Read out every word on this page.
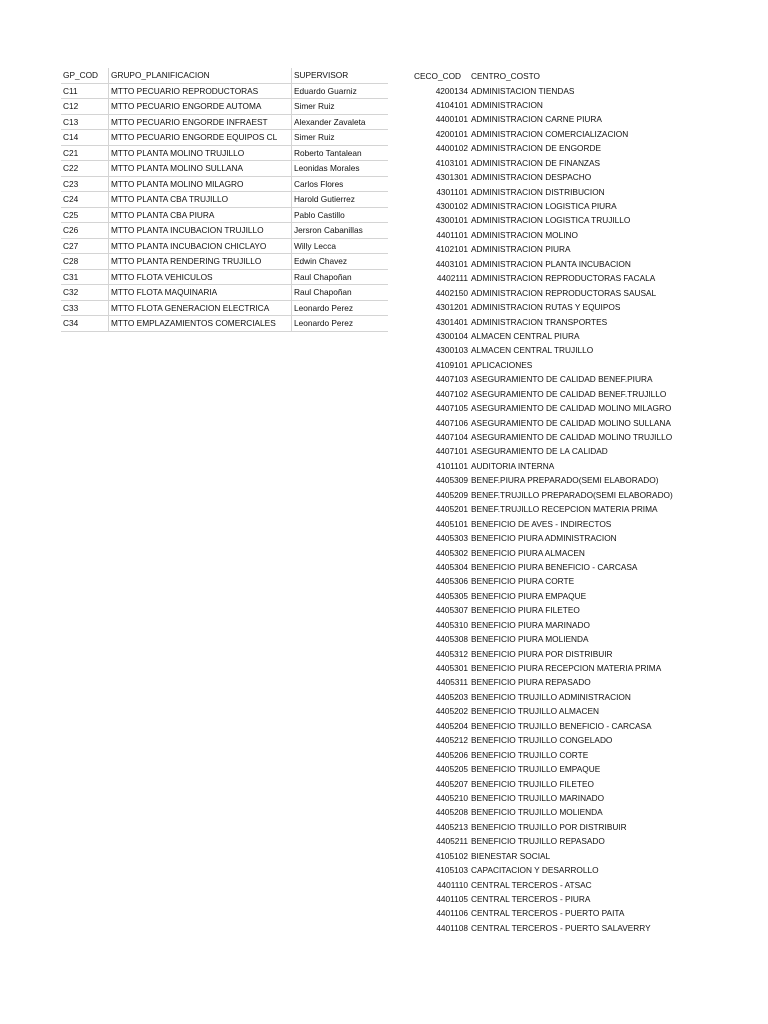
GP_COD	GRUPO_PLANIFICACION	SUPERVISOR
C11	MTTO PECUARIO REPRODUCTORAS	Eduardo Guarniz
C12	MTTO PECUARIO ENGORDE AUTOMA	Simer Ruiz
C13	MTTO PECUARIO ENGORDE INFRAEST	Alexander Zavaleta
C14	MTTO PECUARIO ENGORDE EQUIPOS CL	Simer Ruiz
C21	MTTO PLANTA MOLINO TRUJILLO	Roberto Tantalean
C22	MTTO PLANTA MOLINO SULLANA	Leonidas Morales
C23	MTTO PLANTA MOLINO MILAGRO	Carlos Flores
C24	MTTO PLANTA CBA TRUJILLO	Harold Gutierrez
C25	MTTO PLANTA CBA PIURA	Pablo Castillo
C26	MTTO PLANTA INCUBACION TRUJILLO	Jersron Cabanillas
C27	MTTO PLANTA INCUBACION CHICLAYO	Willy Lecca
C28	MTTO PLANTA RENDERING TRUJILLO	Edwin Chavez
C31	MTTO FLOTA VEHICULOS	Raul Chapoñan
C32	MTTO FLOTA MAQUINARIA	Raul Chapoñan
C33	MTTO FLOTA GENERACION ELECTRICA	Leonardo Perez
C34	MTTO EMPLAZAMIENTOS COMERCIALES	Leonardo Perez
CECO_COD	CENTRO_COSTO
4200134	ADMINISTACION TIENDAS
4104101	ADMINISTRACION
4400101	ADMINISTRACION CARNE PIURA
4200101	ADMINISTRACION COMERCIALIZACION
4400102	ADMINISTRACION DE ENGORDE
4103101	ADMINISTRACION DE FINANZAS
4301301	ADMINISTRACION DESPACHO
4301101	ADMINISTRACION DISTRIBUCION
4300102	ADMINISTRACION LOGISTICA PIURA
4300101	ADMINISTRACION LOGISTICA TRUJILLO
4401101	ADMINISTRACION MOLINO
4102101	ADMINISTRACION PIURA
4403101	ADMINISTRACION PLANTA INCUBACION
4402111	ADMINISTRACION REPRODUCTORAS FACALA
4402150	ADMINISTRACION REPRODUCTORAS SAUSAL
4301201	ADMINISTRACION RUTAS Y EQUIPOS
4301401	ADMINISTRACION TRANSPORTES
4300104	ALMACEN CENTRAL PIURA
4300103	ALMACEN CENTRAL TRUJILLO
4109101	APLICACIONES
4407103	ASEGURAMIENTO DE CALIDAD BENEF.PIURA
4407102	ASEGURAMIENTO DE CALIDAD BENEF.TRUJILLO
4407105	ASEGURAMIENTO DE CALIDAD MOLINO MILAGRO
4407106	ASEGURAMIENTO DE CALIDAD MOLINO SULLANA
4407104	ASEGURAMIENTO DE CALIDAD MOLINO TRUJILLO
4407101	ASEGURAMIENTO DE LA CALIDAD
4101101	AUDITORIA INTERNA
4405309	BENEF.PIURA PREPARADO(SEMI ELABORADO)
4405209	BENEF.TRUJILLO PREPARADO(SEMI ELABORADO)
4405201	BENEF.TRUJILLO RECEPCION MATERIA PRIMA
4405101	BENEFICIO DE AVES - INDIRECTOS
4405303	BENEFICIO PIURA ADMINISTRACION
4405302	BENEFICIO PIURA ALMACEN
4405304	BENEFICIO PIURA BENEFICIO - CARCASA
4405306	BENEFICIO PIURA CORTE
4405305	BENEFICIO PIURA EMPAQUE
4405307	BENEFICIO PIURA FILETEO
4405310	BENEFICIO PIURA MARINADO
4405308	BENEFICIO PIURA MOLIENDA
4405312	BENEFICIO PIURA POR DISTRIBUIR
4405301	BENEFICIO PIURA RECEPCION MATERIA PRIMA
4405311	BENEFICIO PIURA REPASADO
4405203	BENEFICIO TRUJILLO ADMINISTRACION
4405202	BENEFICIO TRUJILLO ALMACEN
4405204	BENEFICIO TRUJILLO BENEFICIO - CARCASA
4405212	BENEFICIO TRUJILLO CONGELADO
4405206	BENEFICIO TRUJILLO CORTE
4405205	BENEFICIO TRUJILLO EMPAQUE
4405207	BENEFICIO TRUJILLO FILETEO
4405210	BENEFICIO TRUJILLO MARINADO
4405208	BENEFICIO TRUJILLO MOLIENDA
4405213	BENEFICIO TRUJILLO POR DISTRIBUIR
4405211	BENEFICIO TRUJILLO REPASADO
4105102	BIENESTAR SOCIAL
4105103	CAPACITACION Y DESARROLLO
4401110	CENTRAL TERCEROS - ATSAC
4401105	CENTRAL TERCEROS - PIURA
4401106	CENTRAL TERCEROS - PUERTO PAITA
4401108	CENTRAL TERCEROS - PUERTO SALAVERRY
